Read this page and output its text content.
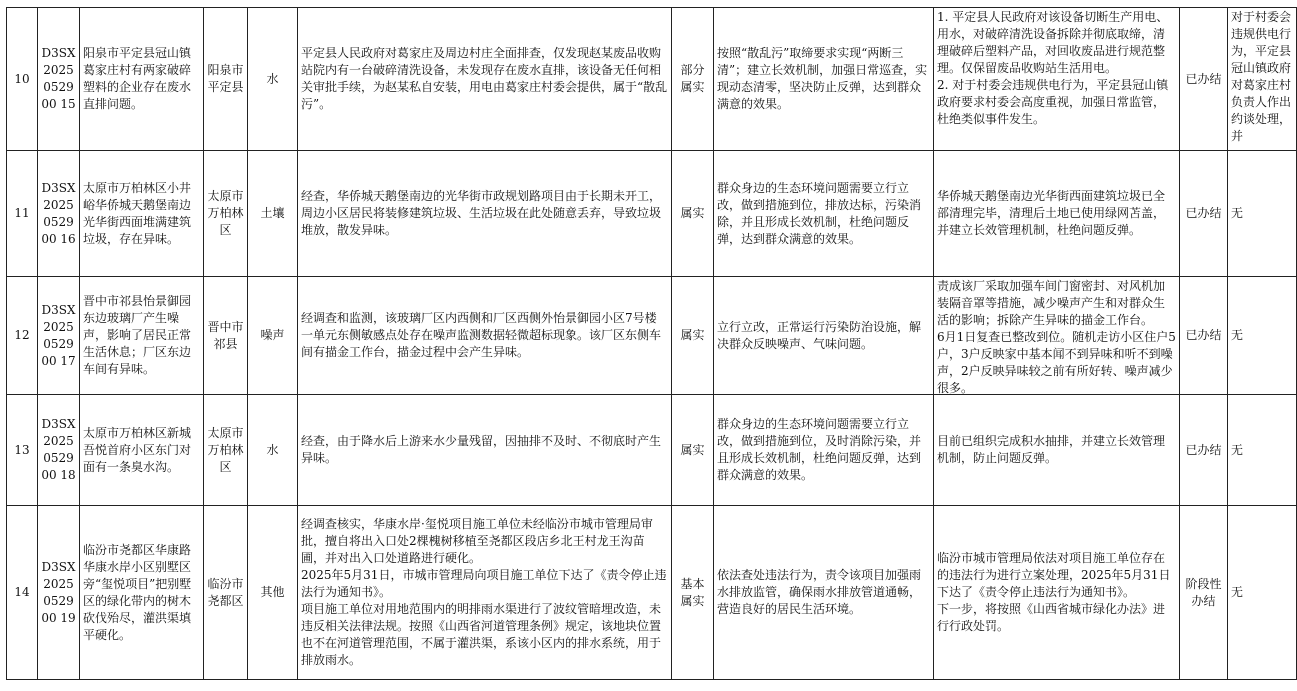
10	D3SX2025052900 15	阳泉市平定县冠山镇葛家庄村有两家破碎塑料的企业存在废水直排问题。	阳泉市平定县	水	平定县人民政府对葛家庄及周边村庄全面排查，仅发现赵某废品收购站院内有一台破碎清洗设备，未发现存在废水直排，该设备无任何相关审批手续，为赵某私自安装，用电由葛家庄村委会提供，属于“散乱污”。	部分属实	按照“散乱污”取缔要求实现“两断三清”；建立长效机制，加强日常巡查，实现动态清零，坚决防止反弹，达到群众满意的效果。	1. 平定县人民政府对该设备切断生产用电、用水，对破碎清洗设备拆除并彻底取缔，清理破碎后塑料产品，对回收废品进行规范整理。仅保留废品收购站生活用电。
2. 对于村委会违规供电行为，平定县冠山镇政府要求村委会高度重视，加强日常监管，杜绝类似事件发生。	已办结	对于村委会违规供电行为，平定县冠山镇政府对葛家庄村负责人作出约谈处理，并

11	D3SX2025052900 16	太原市万柏林区小井峪华侨城天鹅堡南边光华街西面堆满建筑垃圾，存在异味。	太原市万柏林区	土壤	经查，华侨城天鹅堡南边的光华街市政规划路项目由于长期未开工，周边小区居民将装修建筑垃圾、生活垃圾在此处随意丢弃，导致垃圾堆放，散发异味。	属实	群众身边的生态环境问题需要立行立改，做到措施到位，排放达标，污染消除，并且形成长效机制，杜绝问题反弹，达到群众满意的效果。	华侨城天鹅堡南边光华街西面建筑垃圾已全部清理完毕，清理后土地已使用绿网苫盖，并建立长效管理机制，杜绝问题反弹。	已办结	无

12	D3SX2025052900 17	晋中市祁县怡景御园东边玻璃厂产生噪声，影响了居民正常生活休息；厂区东边车间有异味。	晋中市祁县	噪声	经调查和监测，该玻璃厂区内西侧和厂区西侧外怡景御园小区7号楼一单元东侧敏感点处存在噪声监测数据轻微超标现象。该厂区东侧车间有描金工作台，描金过程中会产生异味。	属实	立行立改，正常运行污染防治设施，解决群众反映噪声、气味问题。	责成该厂采取加强车间门窗密封、对风机加装隔音罩等措施，减少噪声产生和对群众生活的影响；拆除产生异味的描金工作台。
6月1日复查已整改到位。随机走访小区住户5户，3户反映家中基本闻不到异味和听不到噪声，2户反映异味较之前有所好转、噪声减少很多。	已办结	无

13	D3SX2025052900 18	太原市万柏林区新城吾悦首府小区东门对面有一条臭水沟。	太原市万柏林区	水	经查，由于降水后上游来水少量残留，因抽排不及时、不彻底时产生异味。	属实	群众身边的生态环境问题需要立行立改，做到措施到位，及时消除污染，并且形成长效机制，杜绝问题反弹，达到群众满意的效果。	目前已组织完成积水抽排，并建立长效管理机制，防止问题反弹。	已办结	无

14	D3SX2025052900 19	临汾市尧都区华康路华康水岸小区别墅区旁“玺悦项目”把别墅区的绿化带内的树木砍伐殆尽，灌洪渠填平硬化。	临汾市尧都区	其他	经调查核实，华康水岸·玺悦项目施工单位未经临汾市城市管理局审批，擅自将出入口处2棵槐树移植至尧都区段店乡北王村龙王沟苗圃，并对出入口处道路进行硬化。
2025年5月31日，市城市管理局向项目施工单位下达了《责令停止违法行为通知书》。
项目施工单位对用地范围内的明排雨水渠进行了波纹管暗埋改造，未违反相关法律法规。按照《山西省河道管理条例》规定，该地块位置也不在河道管理范围，不属于灌洪渠，系该小区内的排水系统，用于排放雨水。	基本属实	依法查处违法行为，责令该项目加强雨水排放监管，确保雨水排放管道通畅，营造良好的居民生活环境。	临汾市城市管理局依法对项目施工单位存在的违法行为进行立案处理，2025年5月31日下达了《责令停止违法行为通知书》。
下一步，将按照《山西省城市绿化办法》进行行政处罚。	阶段性办结	无
